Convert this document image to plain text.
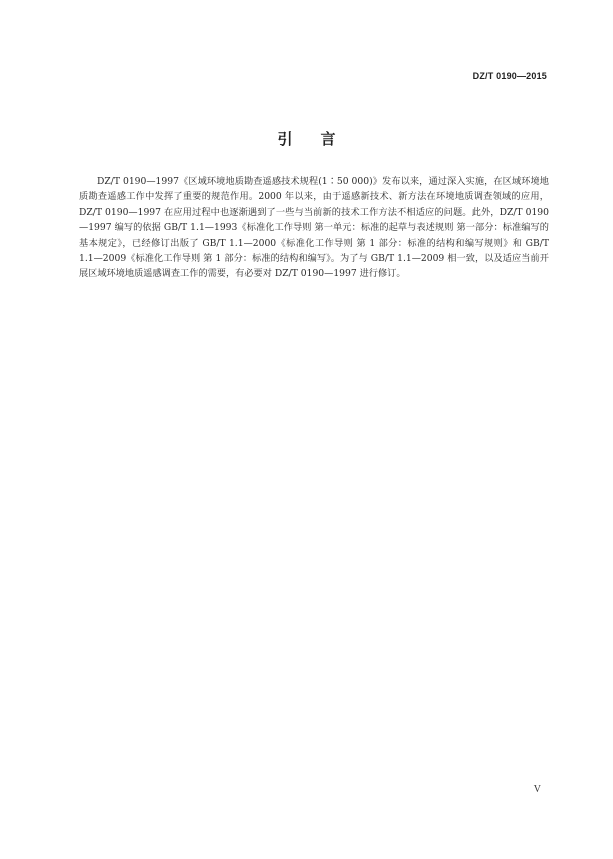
DZ/T 0190—2015
引 言

DZ/T 0190—1997《区域环境地质勘查遥感技术规程(1∶50 000)》发布以来，通过深入实施，在区域环境地质勘查遥感工作中发挥了重要的规范作用。2000 年以来，由于遥感新技术、新方法在环境地质调查领域的应用，DZ/T 0190—1997 在应用过程中也逐渐遇到了一些与当前新的技术工作方法不相适应的问题。此外，DZ/T 0190—1997 编写的依据 GB/T 1.1—1993《标准化工作导则 第一单元：标准的起草与表述规则 第一部分：标准编写的基本规定》，已经修订出版了 GB/T 1.1—2000《标准化工作导则 第 1 部分：标准的结构和编写规则》和 GB/T 1.1—2009《标准化工作导则 第 1 部分：标准的结构和编写》。为了与 GB/T 1.1—2009 相一致，以及适应当前开展区域环境地质遥感调查工作的需要，有必要对 DZ/T 0190—1997 进行修订。

V
